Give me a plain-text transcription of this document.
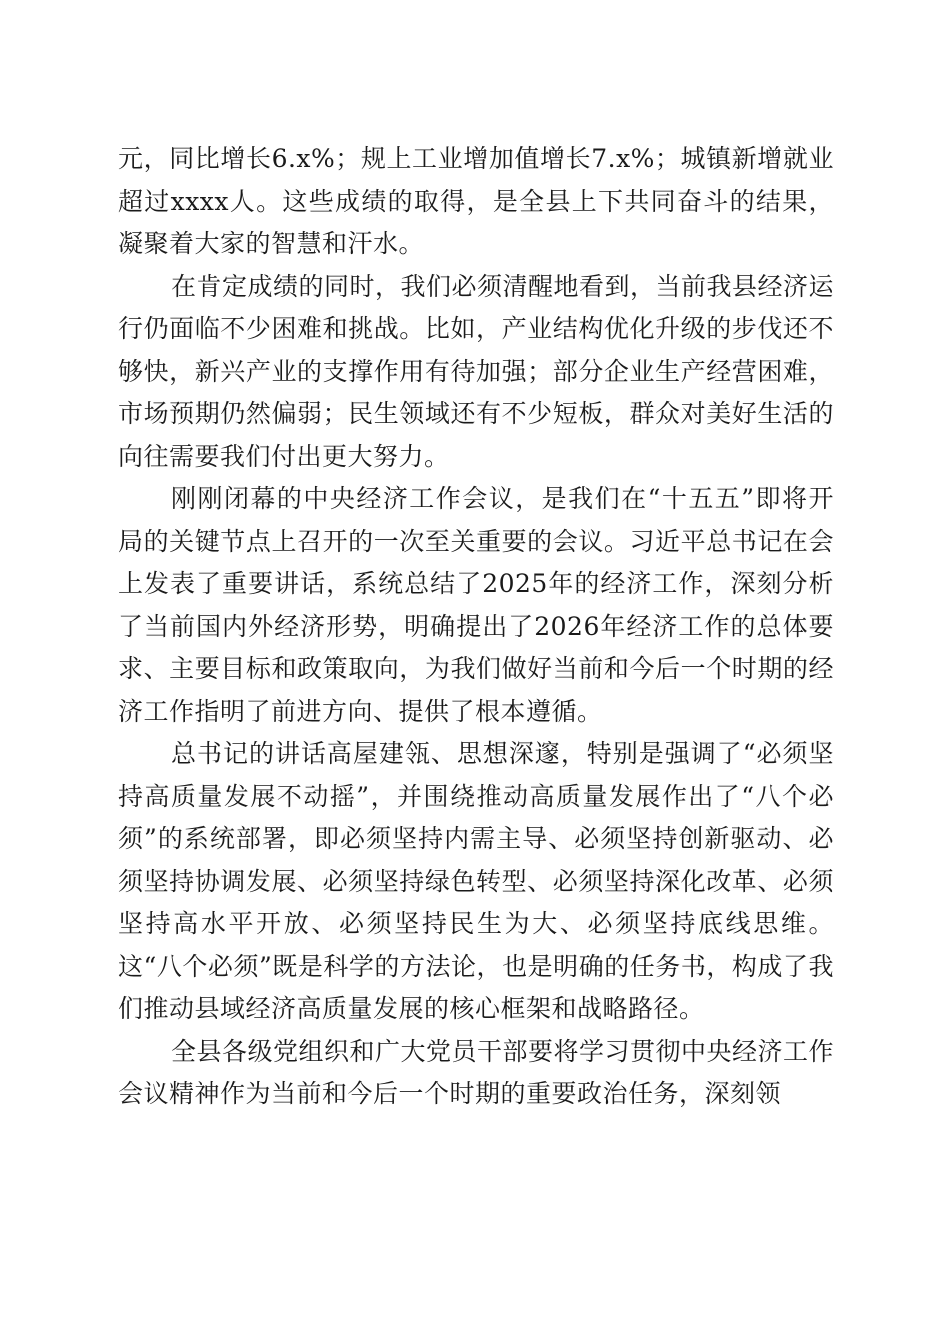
元，同比增长6.x%；规上工业增加值增长7.x%；城镇新增就业超过xxxx人。这些成绩的取得，是全县上下共同奋斗的结果，凝聚着大家的智慧和汗水。

在肯定成绩的同时，我们必须清醒地看到，当前我县经济运行仍面临不少困难和挑战。比如，产业结构优化升级的步伐还不够快，新兴产业的支撑作用有待加强；部分企业生产经营困难，市场预期仍然偏弱；民生领域还有不少短板，群众对美好生活的向往需要我们付出更大努力。

刚刚闭幕的中央经济工作会议，是我们在“十五五”即将开局的关键节点上召开的一次至关重要的会议。习近平总书记在会上发表了重要讲话，系统总结了2025年的经济工作，深刻分析了当前国内外经济形势，明确提出了2026年经济工作的总体要求、主要目标和政策取向，为我们做好当前和今后一个时期的经济工作指明了前进方向、提供了根本遵循。

总书记的讲话高屋建瓴、思想深邃，特别是强调了“必须坚持高质量发展不动摇”，并围绕推动高质量发展作出了“八个必须”的系统部署，即必须坚持内需主导、必须坚持创新驱动、必须坚持协调发展、必须坚持绿色转型、必须坚持深化改革、必须坚持高水平开放、必须坚持民生为大、必须坚持底线思维。这“八个必须”既是科学的方法论，也是明确的任务书，构成了我们推动县域经济高质量发展的核心框架和战略路径。

全县各级党组织和广大党员干部要将学习贯彻中央经济工作会议精神作为当前和今后一个时期的重要政治任务，深刻领
